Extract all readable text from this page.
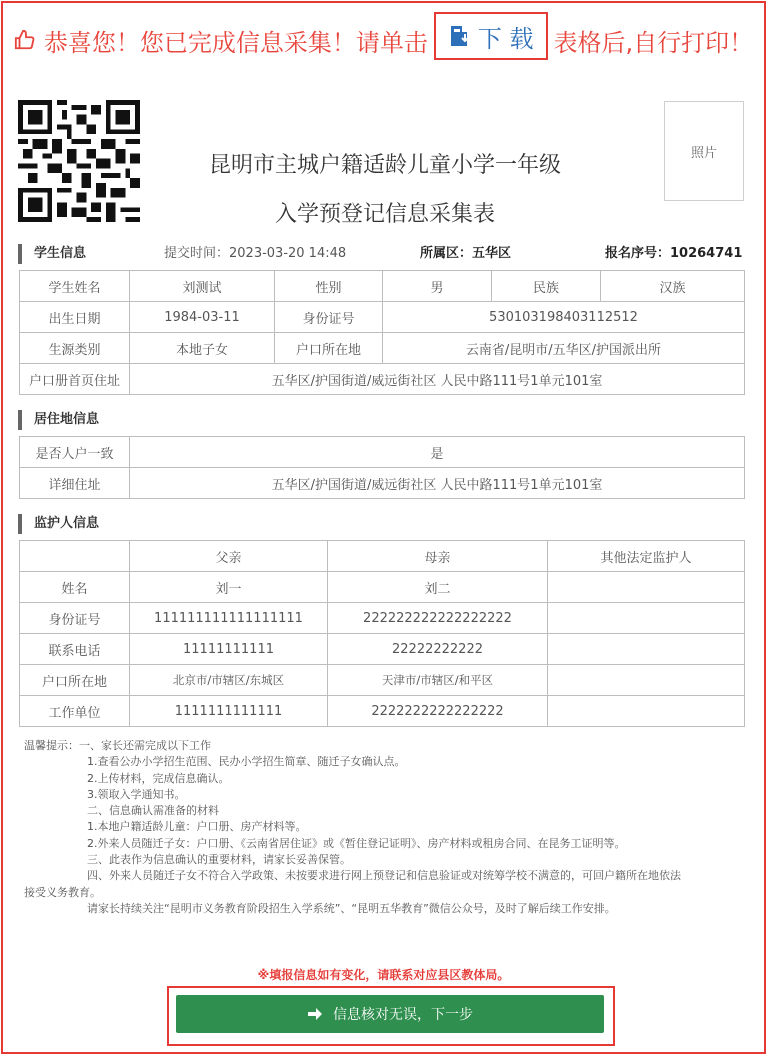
恭喜您！您已完成信息采集！请单击 下 载 表格后,自行打印！
照片
昆明市主城户籍适龄儿童小学一年级
入学预登记信息采集表
学生信息	提交时间：2023-03-20 14:48	所属区：五华区	报名序号：10264741
学生姓名	刘测试	性别	男	民族	汉族
出生日期	1984-03-11	身份证号	530103198403112512		
生源类别	本地子女	户口所在地	云南省/昆明市/五华区/护国派出所		
户口册首页住址	五华区/护国街道/威远街社区 人民中路111号1单元101室				
居住地信息
是否人户一致	是
详细住址	五华区/护国街道/威远街社区 人民中路111号1单元101室
监护人信息
	父亲	母亲	其他法定监护人
姓名	刘一	刘二	
身份证号	111111111111111111	222222222222222222	
联系电话	11111111111	22222222222	
户口所在地	北京市/市辖区/东城区	天津市/市辖区/和平区	
工作单位	1111111111111	2222222222222222	
温馨提示：一、家长还需完成以下工作
1.查看公办小学招生范围、民办小学招生简章、随迁子女确认点。
2.上传材料，完成信息确认。
3.领取入学通知书。
二、信息确认需准备的材料
1.本地户籍适龄儿童：户口册、房产材料等。
2.外来人员随迁子女：户口册、《云南省居住证》或《暂住登记证明》、房产材料或租房合同、在昆务工证明等。
三、此表作为信息确认的重要材料，请家长妥善保管。
四、外来人员随迁子女不符合入学政策、未按要求进行网上预登记和信息验证或对统筹学校不满意的，可回户籍所在地依法
接受义务教育。
请家长持续关注“昆明市义务教育阶段招生入学系统”、“昆明五华教育”微信公众号，及时了解后续工作安排。
※填报信息如有变化，请联系对应县区教体局。
信息核对无误，下一步
